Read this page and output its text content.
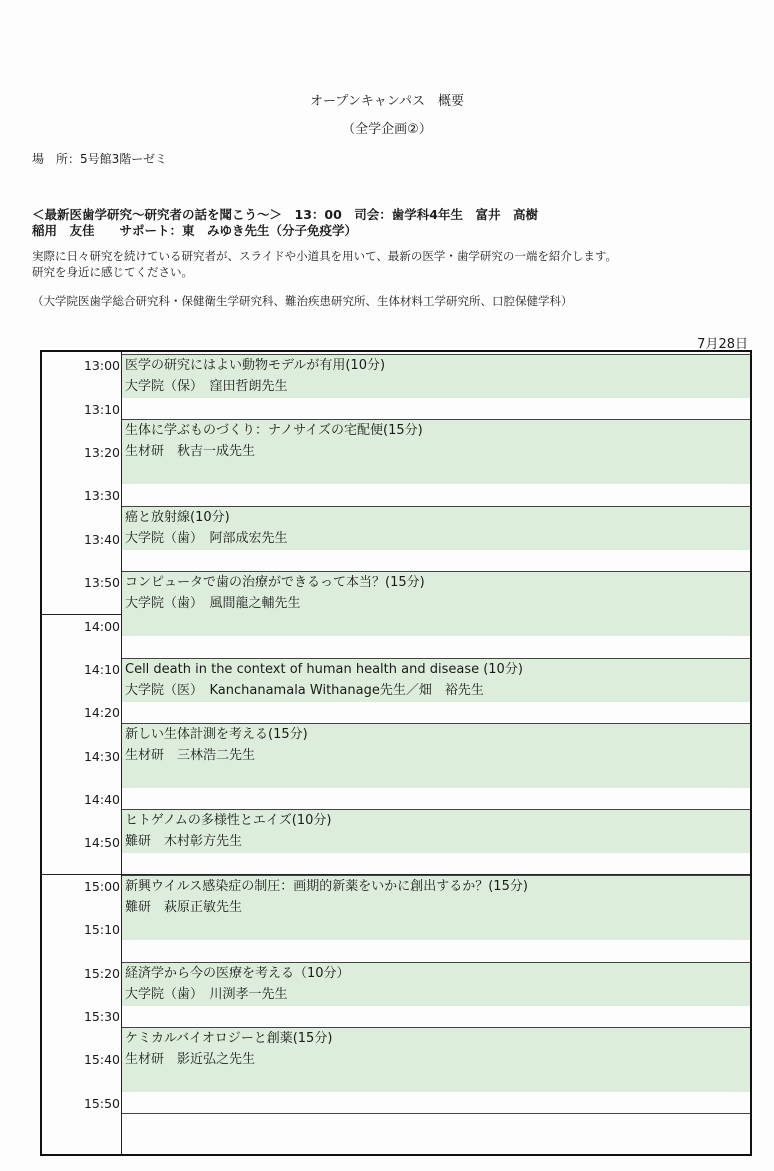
オープンキャンパス　概要
（全学企画②）
場　所：5号館3階ーゼミ
＜最新医歯学研究～研究者の話を聞こう～＞　13：00　司会：歯学科4年生　富井　高樹
稲用　友佳　　サポート：東　みゆき先生（分子免疫学）
実際に日々研究を続けている研究者が、スライドや小道具を用いて、最新の医学・歯学研究の一端を紹介します。
研究を身近に感じてください。
（大学院医歯学総合研究科・保健衛生学研究科、難治疾患研究所、生体材料工学研究所、口腔保健学科）
7月28日
13:00
13:10
13:20
13:30
13:40
13:50
14:00
14:10
14:20
14:30
14:40
14:50
15:00
15:10
15:20
15:30
15:40
15:50
医学の研究にはよい動物モデルが有用(10分)
大学院（保）　窪田哲朗先生
生体に学ぶものづくり：ナノサイズの宅配便(15分)
生材研　秋吉一成先生
癌と放射線(10分)
大学院（歯）　阿部成宏先生
コンピュータで歯の治療ができるって本当？(15分)
大学院（歯）　風間龍之輔先生
Cell death in the context of human health and disease (10分)
大学院（医）　Kanchanamala Withanage先生／畑　裕先生
新しい生体計測を考える(15分)
生材研　三林浩二先生
ヒトゲノムの多様性とエイズ(10分)
難研　木村彰方先生
新興ウイルス感染症の制圧：画期的新薬をいかに創出するか？(15分)
難研　萩原正敏先生
経済学から今の医療を考える（10分）
大学院（歯）　川渕孝一先生
ケミカルバイオロジーと創薬(15分)
生材研　影近弘之先生
